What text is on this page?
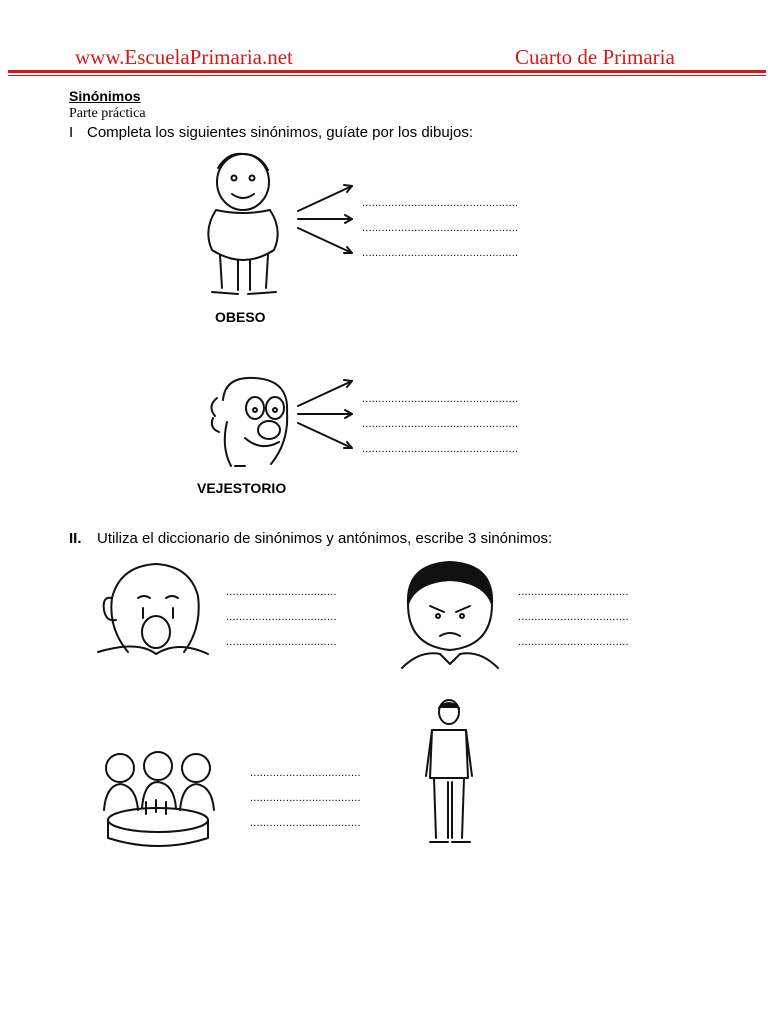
www.EscuelaPrimaria.net	Cuarto de Primaria
Sinónimos
Parte práctica
I Completa los siguientes sinónimos, guíate por los dibujos:
................................................
................................................
................................................
OBESO
................................................
................................................
................................................
VEJESTORIO
II. Utiliza el diccionario de sinónimos y antónimos, escribe 3 sinónimos:
..................................
..................................
..................................
..................................
..................................
..................................
..................................
..................................
..................................
